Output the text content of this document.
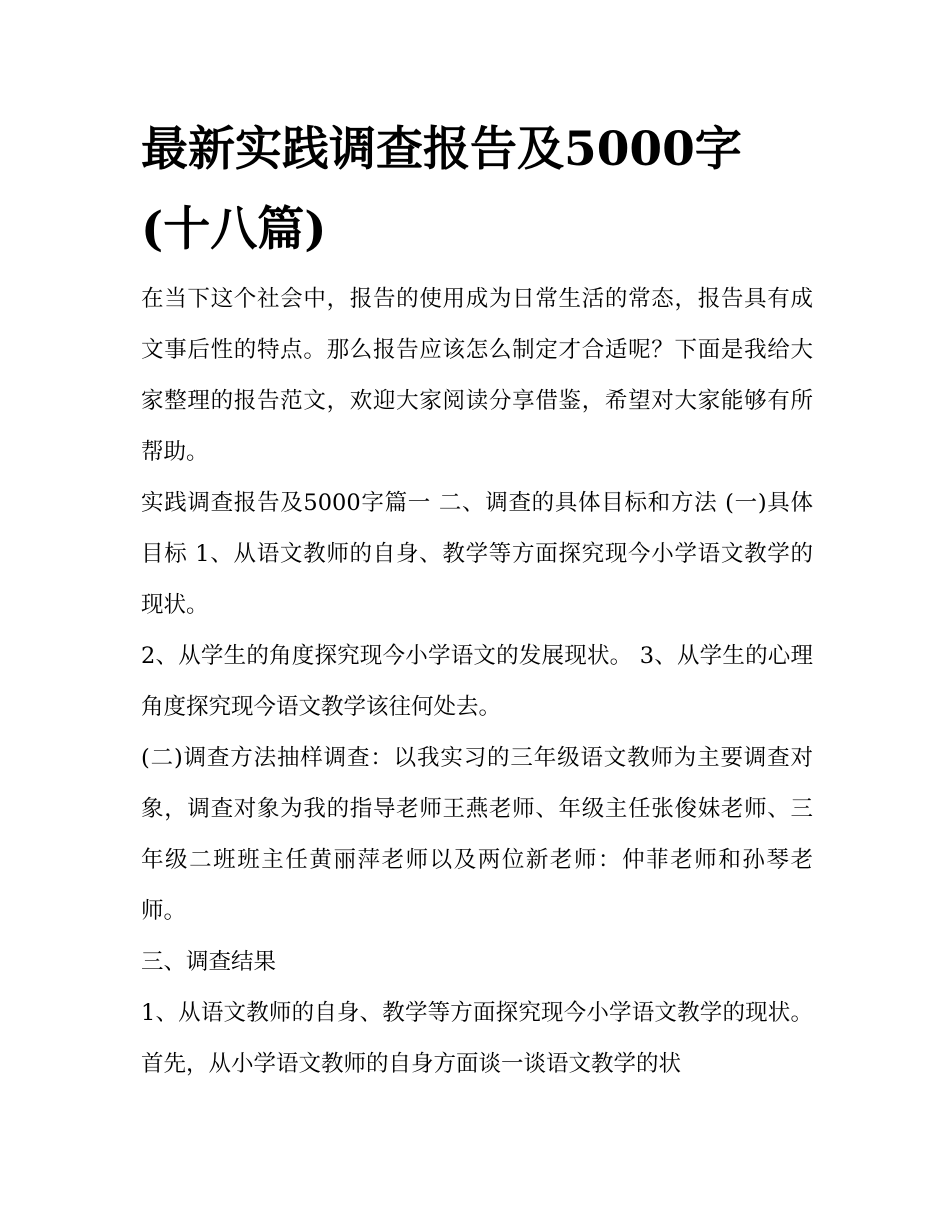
最新实践调查报告及5000字
(十八篇)

在当下这个社会中，报告的使用成为日常生活的常态，报告具有成文事后性的特点。那么报告应该怎么制定才合适呢？下面是我给大家整理的报告范文，欢迎大家阅读分享借鉴，希望对大家能够有所帮助。

实践调查报告及5000字篇一 二、调查的具体目标和方法 (一)具体目标 1、从语文教师的自身、教学等方面探究现今小学语文教学的现状。

2、从学生的角度探究现今小学语文的发展现状。 3、从学生的心理角度探究现今语文教学该往何处去。

(二)调查方法抽样调查：以我实习的三年级语文教师为主要调查对象，调查对象为我的指导老师王燕老师、年级主任张俊妹老师、三年级二班班主任黄丽萍老师以及两位新老师：仲菲老师和孙琴老师。

三、调查结果

1、从语文教师的自身、教学等方面探究现今小学语文教学的现状。首先，从小学语文教师的自身方面谈一谈语文教学的状
